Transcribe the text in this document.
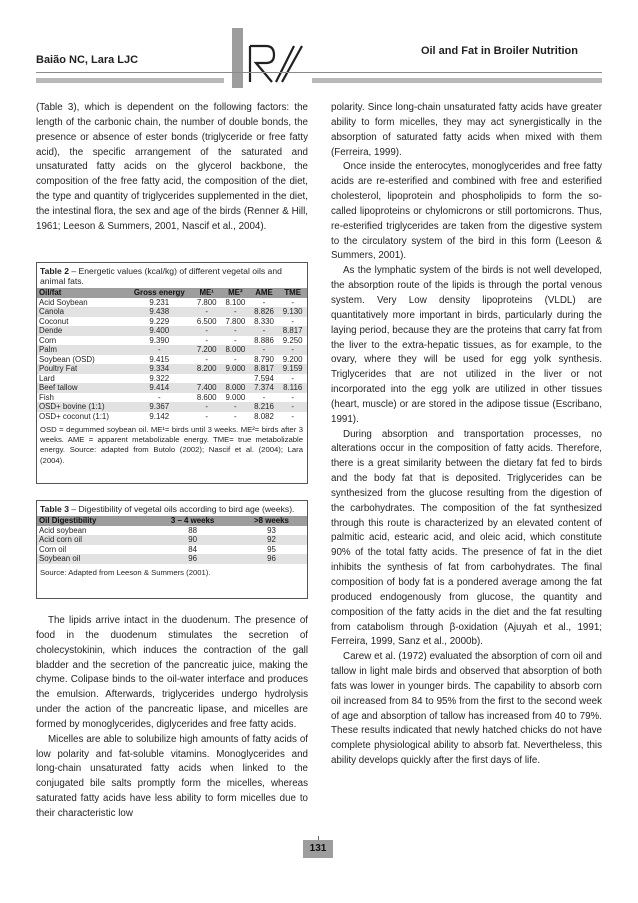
Baião NC, Lara LJC
Oil and Fat in Broiler Nutrition

(Table 3), which is dependent on the following factors: the length of the carbonic chain, the number of double bonds, the presence or absence of ester bonds (triglyceride or free fatty acid), the specific arrangement of the saturated and unsaturated fatty acids on the glycerol backbone, the composition of the free fatty acid, the composition of the diet, the type and quantity of triglycerides supplemented in the diet, the intestinal flora, the sex and age of the birds (Renner & Hill, 1961; Leeson & Summers, 2001, Nascif et al., 2004).

Table 2 – Energetic values (kcal/kg) of different vegetal oils and animal fats.
Oil/fat	Gross energy	ME¹	ME²	AME	TME
Acid Soybean	9.231	7.800	8.100	-	-
Canola	9.438	-	-	8.826	9.130
Coconut	9.229	6.500	7.800	8.330	-
Dende	9.400	-	-	-	8.817
Corn	9.390	-	-	8.886	9.250
Palm	-	7.200	8.000	-	-
Soybean (OSD)	9.415	-	-	8.790	9.200
Poultry Fat	9.334	8.200	9.000	8.817	9.159
Lard	9.322			7.594	-
Beef tallow	9.414	7.400	8.000	7.374	8.116
Fish	-	8.600	9.000	-	-
OSD+ bovine (1:1)	9.367	-	-	8.216	-
OSD+ coconut (1:1)	9.142	-	-	8.082	-
OSD = degummed soybean oil. ME¹= birds until 3 weeks. ME²= birds after 3 weeks. AME = apparent metabolizable energy. TME= true metabolizable energy. Source: adapted from Butolo (2002); Nascif et al. (2004); Lara (2004).
Table 3 – Digestibility of vegetal oils according to bird age (weeks).
Oil Digestibility	3 – 4 weeks	>8 weeks
Acid soybean	88	93
Acid corn oil	90	92
Corn oil	84	95
Soybean oil	96	96
Source: Adapted from Leeson & Summers (2001).

The lipids arrive intact in the duodenum. The presence of food in the duodenum stimulates the secretion of cholecystokinin, which induces the contraction of the gall bladder and the secretion of the pancreatic juice, making the chyme. Colipase binds to the oil-water interface and produces the emulsion. Afterwards, triglycerides undergo hydrolysis under the action of the pancreatic lipase, and micelles are formed by monoglycerides, diglycerides and free fatty acids.

Micelles are able to solubilize high amounts of fatty acids of low polarity and fat-soluble vitamins. Monoglycerides and long-chain unsaturated fatty acids when linked to the conjugated bile salts promptly form the micelles, whereas saturated fatty acids have less ability to form micelles due to their characteristic low

polarity. Since long-chain unsaturated fatty acids have greater ability to form micelles, they may act synergistically in the absorption of saturated fatty acids when mixed with them (Ferreira, 1999).

Once inside the enterocytes, monoglycerides and free fatty acids are re-esterified and combined with free and esterified cholesterol, lipoprotein and phospholipids to form the so-called lipoproteins or chylomicrons or still portomicrons. Thus, re-esterified triglycerides are taken from the digestive system to the circulatory system of the bird in this form (Leeson & Summers, 2001).

As the lymphatic system of the birds is not well developed, the absorption route of the lipids is through the portal venous system. Very Low density lipoproteins (VLDL) are quantitatively more important in birds, particularly during the laying period, because they are the proteins that carry fat from the liver to the extra-hepatic tissues, as for example, to the ovary, where they will be used for egg yolk synthesis. Triglycerides that are not utilized in the liver or not incorporated into the egg yolk are utilized in other tissues (heart, muscle) or are stored in the adipose tissue (Escribano, 1991).

During absorption and transportation processes, no alterations occur in the composition of fatty acids. Therefore, there is a great similarity between the dietary fat fed to birds and the body fat that is deposited. Triglycerides can be synthesized from the glucose resulting from the digestion of the carbohydrates. The composition of the fat synthesized through this route is characterized by an elevated content of palmitic acid, estearic acid, and oleic acid, which constitute 90% of the total fatty acids. The presence of fat in the diet inhibits the synthesis of fat from carbohydrates. The final composition of body fat is a pondered average among the fat produced endogenously from glucose, the quantity and composition of the fatty acids in the diet and the fat resulting from catabolism through β-oxidation (Ajuyah et al., 1991; Ferreira, 1999, Sanz et al., 2000b).

Carew et al. (1972) evaluated the absorption of corn oil and tallow in light male birds and observed that absorption of both fats was lower in younger birds. The capability to absorb corn oil increased from 84 to 95% from the first to the second week of age and absorption of tallow has increased from 40 to 79%. These results indicated that newly hatched chicks do not have complete physiological ability to absorb fat. Nevertheless, this ability develops quickly after the first days of life.

131
